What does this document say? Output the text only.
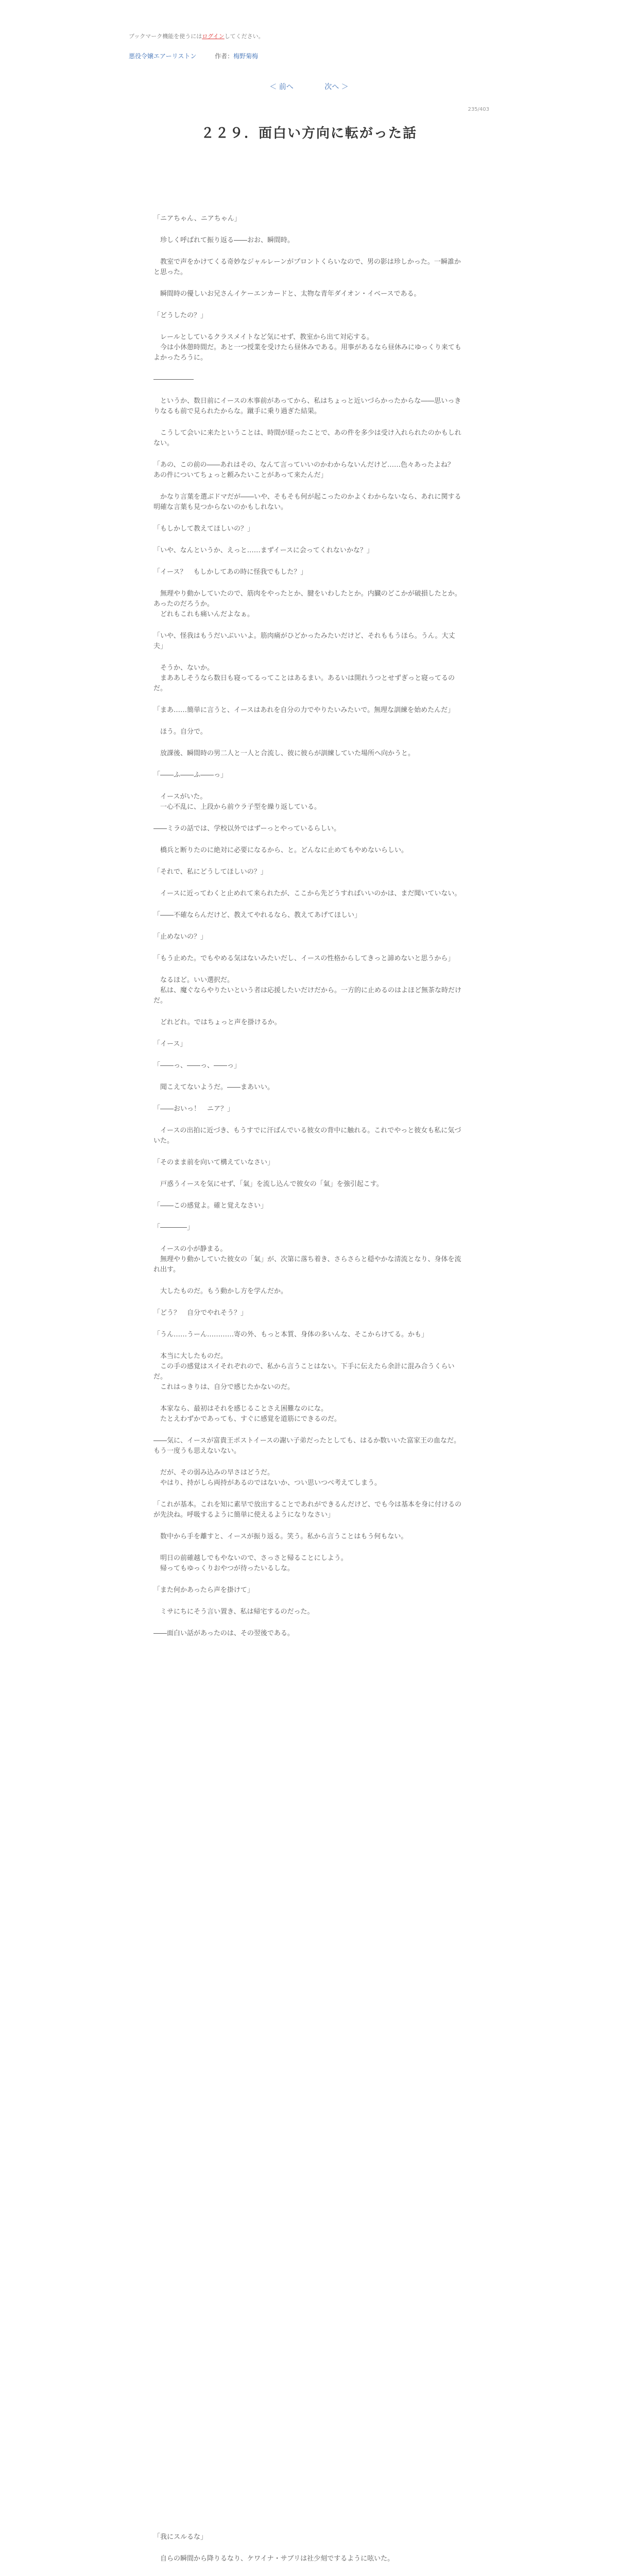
ブックマーク機能を使うにはログインしてください。
悪役令嬢エアーリストン	作者：梅野菊梅
＜ 前へ	次へ ＞
235/403
２２９．面白い方向に転がった話

「ニアちゃん、ニアちゃん」

　珍しく呼ばれて振り返る――おお、瞬間時。

　教室で声をかけてくる奇妙なジャルレーンがプロントくらいなので、男の影は珍しかった。一瞬誰かと思った。

　瞬間時の優しいお兄さんイケーエンカードと、太物な青年ダイオン・イベースである。

「どうしたの？」

　レールとしているクラスメイトなど気にせず、教室から出て対応する。
　今は小休憩時間だ。あと一つ授業を受けたら昼休みである。用事があるなら昼休みにゆっくり来てもよかったろうに。

――――――

　というか、数日前にイースの木事前があってから、私はちょっと近いづらかったからな――思いっきりなるも前で見られたからな。蹴手に乗り過ぎた結果。

　こうして会いに来たということは、時間が経ったことで、あの件を多少は受け入れられたのかもしれない。

「あの、この前の――あれはその、なんて言っていいのかわからないんだけど……色々あったよね？　あの件についてちょっと頼みたいことがあって来たんだ」

　かなり言葉を選ぶドマだが――いや、そもそも何が起こったのかよくわからないなら、あれに関する明確な言葉も見つからないのかもしれない。

「もしかして教えてほしいの？」

「いや、なんというか、えっと……まずイースに会ってくれないかな？」

「イース？　もしかしてあの時に怪我でもした？」

　無理やり動かしていたので、筋肉をやったとか、腱をいわしたとか。内臓のどこかが破損したとか。あったのだろうか。
　どれもこれも痛いんだよなぁ。

「いや、怪我はもうだいぶいいよ。筋肉痛がひどかったみたいだけど、それももうほら。うん。大丈夫」

　そうか、ないか。
　まああしそうなら数日も寝ってるってことはあるまい。あるいは開れうつとせずぎっと寝ってるのだ。

「まあ……簡単に言うと、イースはあれを自分の力でやりたいみたいで。無理な訓練を始めたんだ」

　ほう。自分で。

　放課後、瞬間時の男二人と一人と合流し、彼に彼らが訓練していた場所へ向かうと。

「――ふ――ふ――っ」

　イースがいた。
　一心不乱に、上段から前ウラ子型を繰り返している。

――ミラの話では、学校以外ではずーっとやっているらしい。

　橋兵と断りたのに絶対に必要になるから、と。どんなに止めてもやめないらしい。

「それで、私にどうしてほしいの？」

　イースに近ってわくと止めれて来られたが、ここから先どうすればいいのかは、まだ聞いていない。

「――不確ならんだけど、教えてやれるなら、教えてあげてほしい」

「止めないの？」

「もう止めた。でもやめる気はないみたいだし、イースの性格からしてきっと諦めないと思うから」

　なるほど。いい選択だ。
　私は、魔ぐならやりたいという者は応援したいだけだから。一方的に止めるのはよほど無茶な時だけだ。

　どれどれ。ではちょっと声を掛けるか。

「イース」

「――っ、――っ、――っ」

　聞こえてないようだ。――まあいい。

「――おいっ！　ニア？」

　イースの出拍に近づき、もうすでに汗ばんでいる彼女の背中に触れる。これでやっと彼女も私に気づいた。

「そのまま前を向いて構えていなさい」

　戸惑うイースを気にせず、「氣」を流し込んで彼女の「氣」を強引起こす。

「――この感覚よ。確と覚えなさい」

「――――」

　イースの小が静まる。
　無理やり動かしていた彼女の「氣」が、次第に落ち着き、さらさらと穏やかな清流となり、身体を流れ出す。

　大したものだ。もう動かし方を学んだか。

「どう？　自分でやれそう？」

「うん……うーん…………寄の外、もっと本質、身体の多いんな、そこからけてる。かも」

　本当に大したものだ。
　この手の感覚はスイそれぞれので、私から言うことはない。下手に伝えたら余計に混み合うくらいだ。
　これはっきりは、自分で感じたかないのだ。

　本家なら、最初はそれを感じることさえ困難なのにな。
　たとえわずかであっても、すぐに感覚を道筋にできるのだ。

――気に、イースが富貴王ポストイースの謝い子弟だったとしても、はるか数いいた富家王の血なだ。もう一度うも思えないない。

　だが、その弱み込みの早さはどうだ。
　やはり、持がしら両持があるのではないか、つい思いつべ考えてしまう。

「これが基本。これを知に素早で放出することであれができるんだけど、でも今は基本を身に付けるのが先決ね。呼吸するように簡単に使えるようになりなさい」

　数中から手を離すと、イースが振り返る。笑う。私から言うことはもう何もない。

　明日の前確越しでもやないので、さっさと帰ることにしよう。
　帰ってもゆっくりおやつが待ったいるしな。

「また何かあったら声を掛けて」

　ミサにちにそう言い置き、私は帰宅するのだった。

――面白い話があったのは、その翌後である。

「我にスルるな」

　自らの瞬間から降りるなり、ケワイナ・サブリは社少刻でするように呟いた。
